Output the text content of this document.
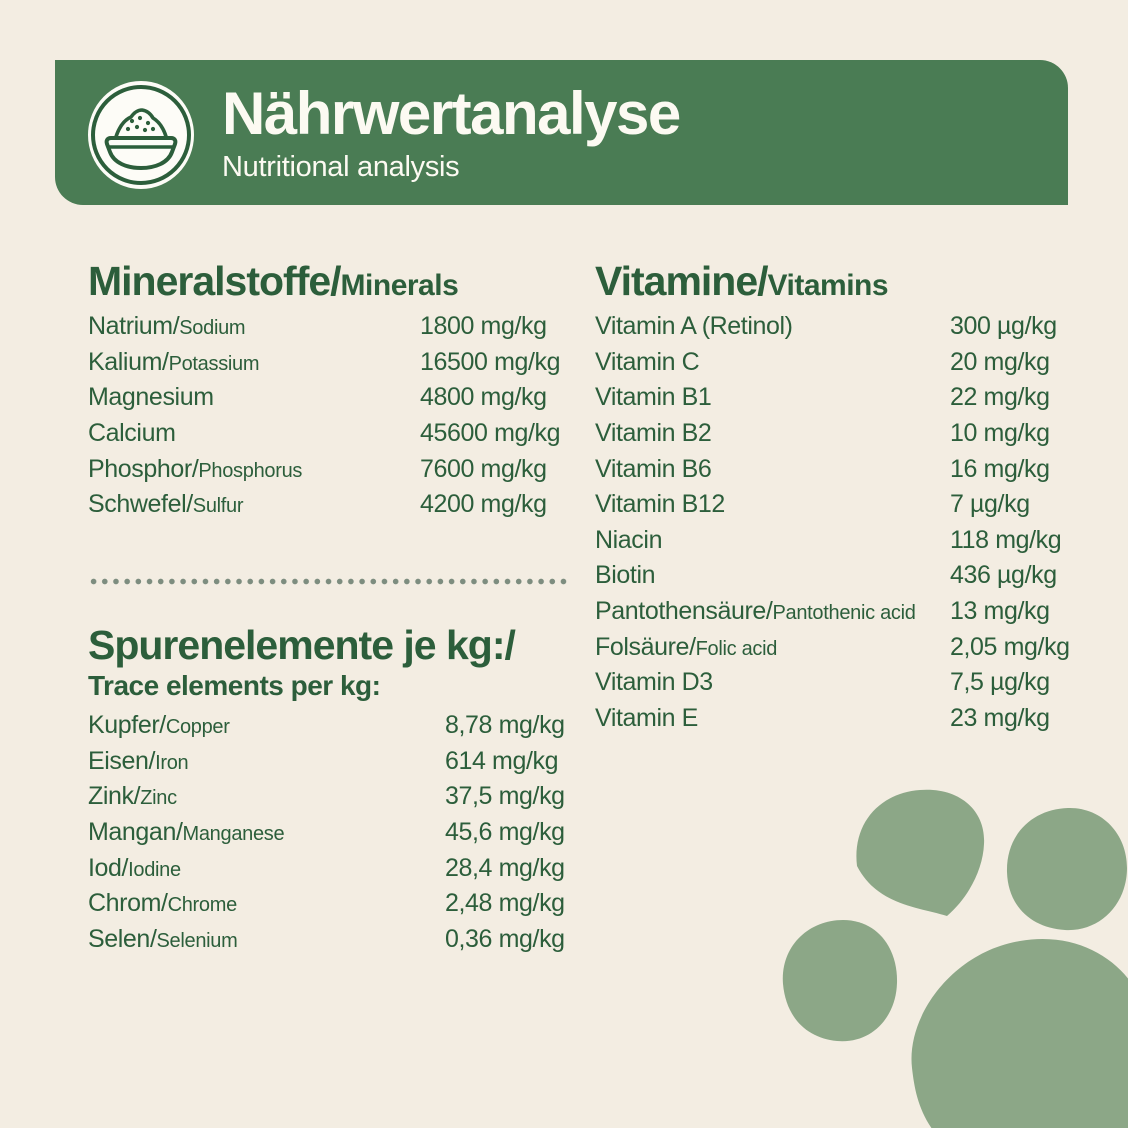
Nährwertanalyse
Nutritional analysis
Mineralstoffe/Minerals
Natrium/Sodium	1800 mg/kg
Kalium/Potassium	16500 mg/kg
Magnesium	4800 mg/kg
Calcium	45600 mg/kg
Phosphor/Phosphorus	7600 mg/kg
Schwefel/Sulfur	4200 mg/kg
Vitamine/Vitamins
Vitamin A (Retinol)	300 µg/kg
Vitamin C	20 mg/kg
Vitamin B1	22 mg/kg
Vitamin B2	10 mg/kg
Vitamin B6	16 mg/kg
Vitamin B12	7 µg/kg
Niacin	118 mg/kg
Biotin	436 µg/kg
Pantothensäure/Pantothenic acid	13 mg/kg
Folsäure/Folic acid	2,05 mg/kg
Vitamin D3	7,5 µg/kg
Vitamin E	23 mg/kg
Spurenelemente je kg:/
Trace elements per kg:
Kupfer/Copper	8,78 mg/kg
Eisen/Iron	614 mg/kg
Zink/Zinc	37,5 mg/kg
Mangan/Manganese	45,6 mg/kg
Iod/Iodine	28,4 mg/kg
Chrom/Chrome	2,48 mg/kg
Selen/Selenium	0,36 mg/kg
